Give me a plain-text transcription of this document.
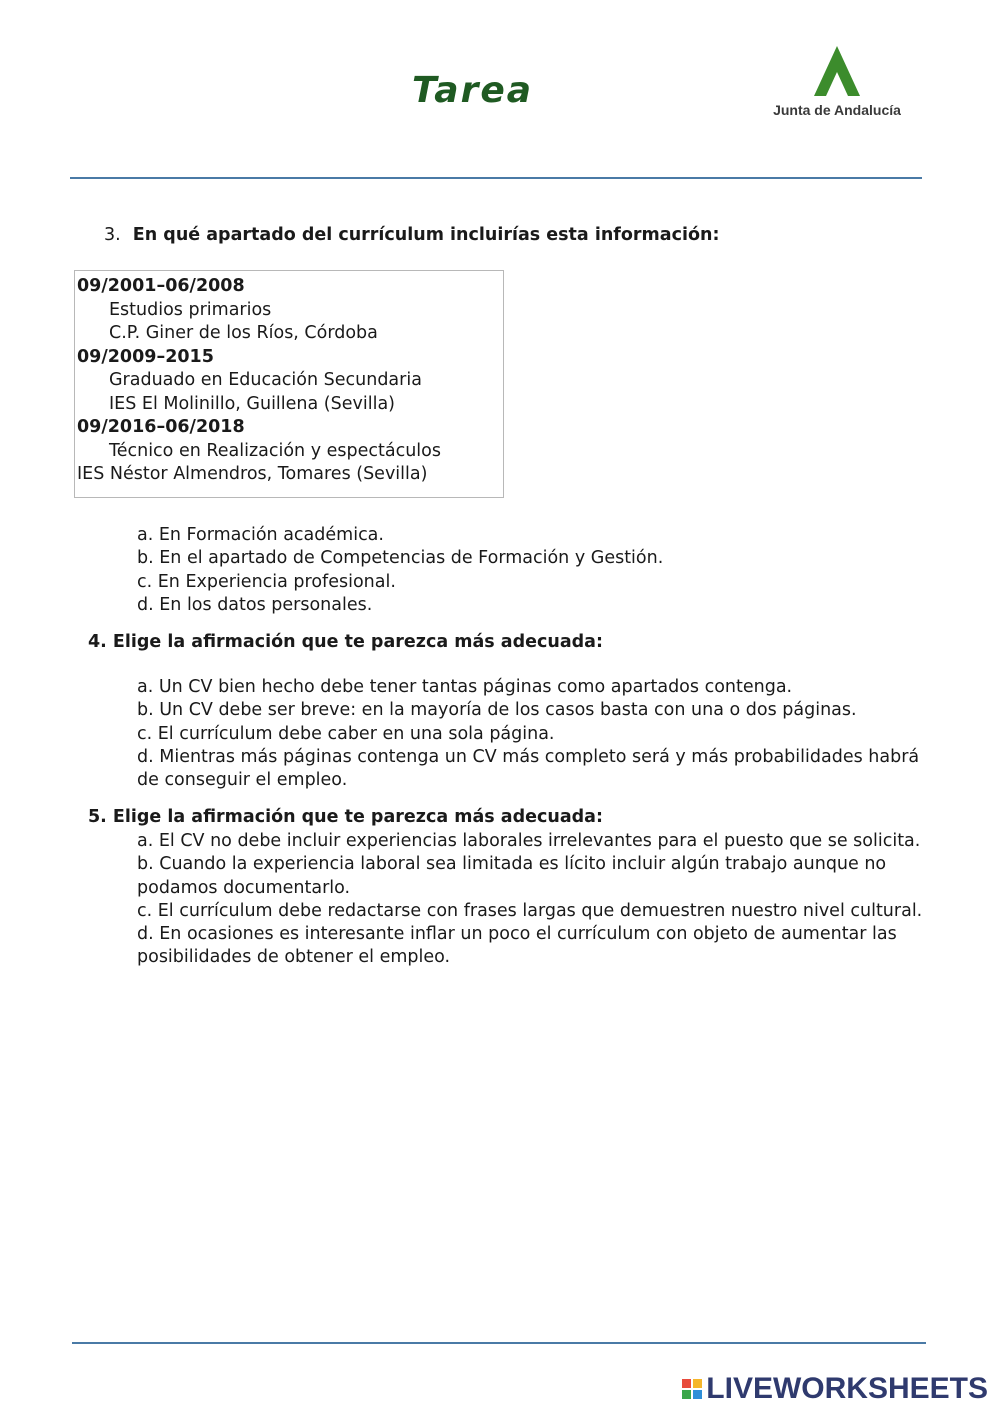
Tarea	Junta de Andalucía
3. En qué apartado del currículum incluirías esta información:
09/2001–06/2008
Estudios primarios
C.P. Giner de los Ríos, Córdoba
09/2009–2015
Graduado en Educación Secundaria
IES El Molinillo, Guillena (Sevilla)
09/2016–06/2018
Técnico en Realización y espectáculos
IES Néstor Almendros, Tomares (Sevilla)
a. En Formación académica.
b. En el apartado de Competencias de Formación y Gestión.
c. En Experiencia profesional.
d. En los datos personales.
4. Elige la afirmación que te parezca más adecuada:
a. Un CV bien hecho debe tener tantas páginas como apartados contenga.
b. Un CV debe ser breve: en la mayoría de los casos basta con una o dos páginas.
c. El currículum debe caber en una sola página.
d. Mientras más páginas contenga un CV más completo será y más probabilidades habrá de conseguir el empleo.
5. Elige la afirmación que te parezca más adecuada:
a. El CV no debe incluir experiencias laborales irrelevantes para el puesto que se solicita.
b. Cuando la experiencia laboral sea limitada es lícito incluir algún trabajo aunque no podamos documentarlo.
c. El currículum debe redactarse con frases largas que demuestren nuestro nivel cultural.
d. En ocasiones es interesante inflar un poco el currículum con objeto de aumentar las posibilidades de obtener el empleo.
LIVEWORKSHEETS
